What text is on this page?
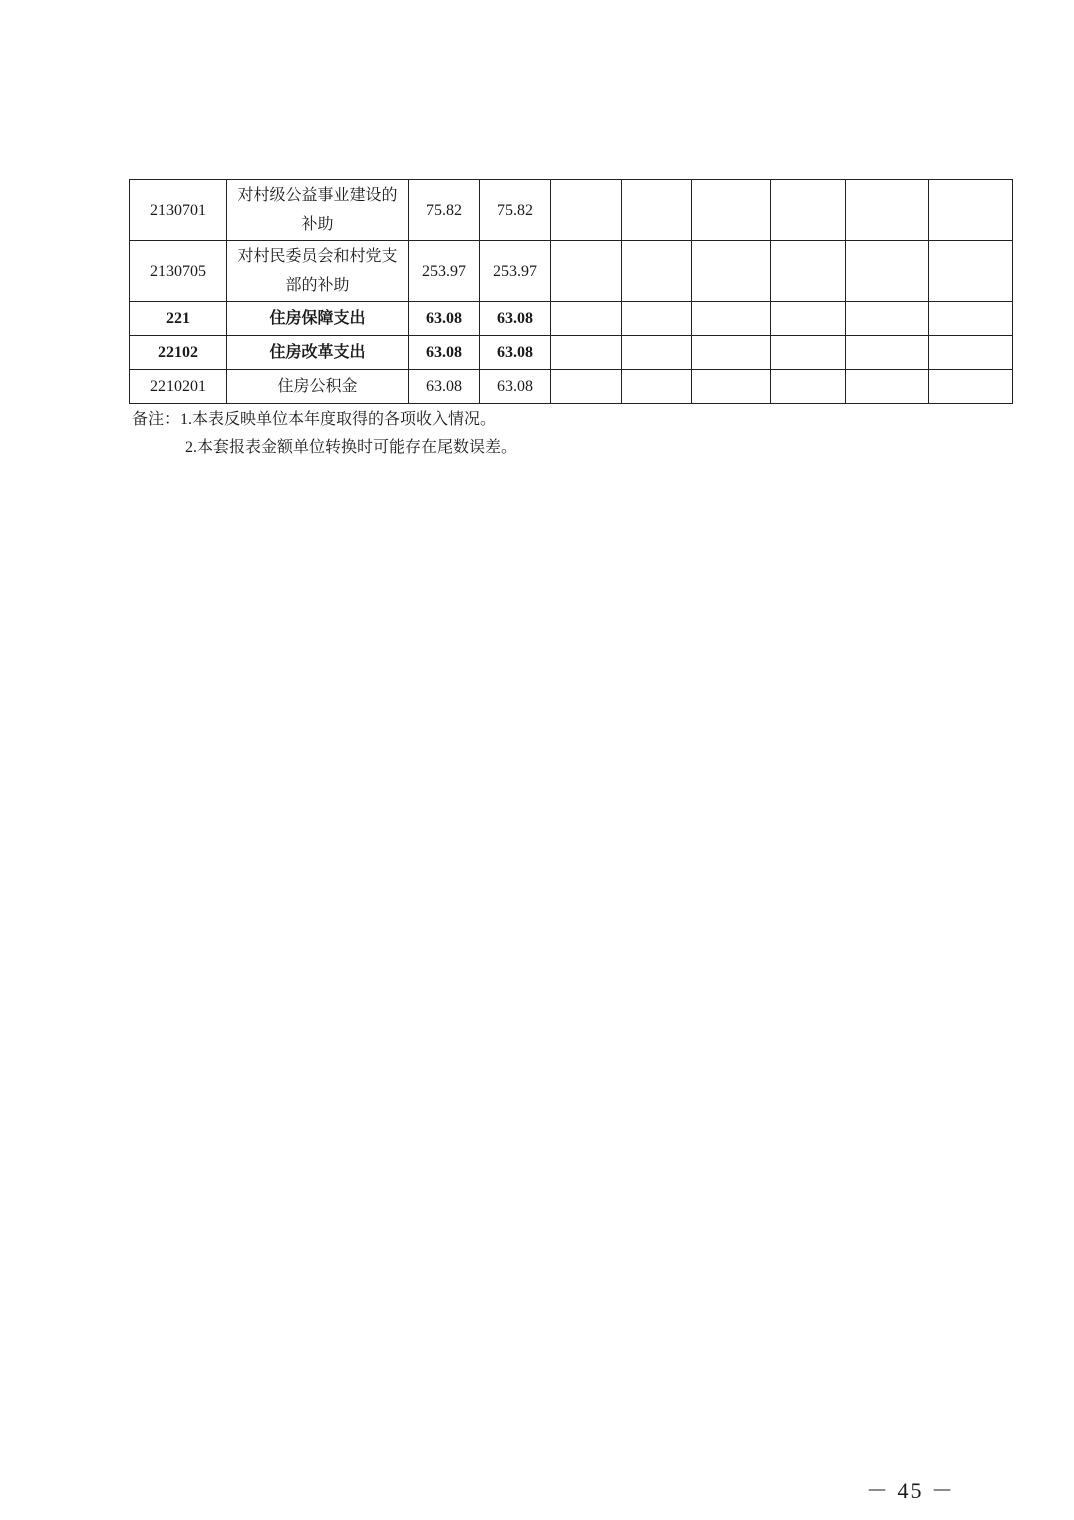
2130701	对村级公益事业建设的补助	75.82	75.82						
2130705	对村民委员会和村党支部的补助	253.97	253.97						
221	住房保障支出	63.08	63.08						
22102	住房改革支出	63.08	63.08						
2210201	住房公积金	63.08	63.08						
备注：1.本表反映单位本年度取得的各项收入情况。
2.本套报表金额单位转换时可能存在尾数误差。
－ 45 －
